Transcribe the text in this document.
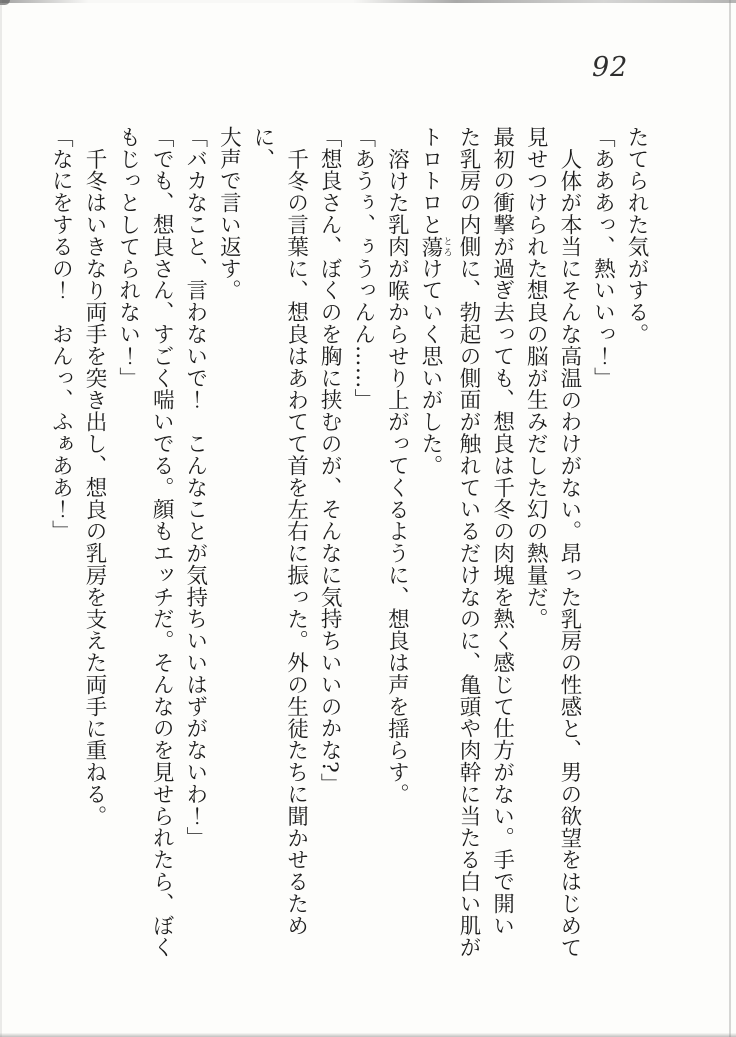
92
たてられた気がする。
「あああっ、熱いいっ！」
人体が本当にそんな高温のわけがない。昂った乳房の性感と、男の欲望をはじめて
見せつけられた想良の脳が生みだした幻の熱量だ。
最初の衝撃が過ぎ去っても、想良は千冬の肉塊を熱く感じて仕方がない。手で開い
た乳房の内側に、勃起の側面が触れているだけなのに、亀頭や肉幹に当たる白い肌が
トロトロと蕩とろけていく思いがした。
溶けた乳肉が喉からせり上がってくるように、想良は声を揺らす。
「あうぅ、ぅうっんん……」
「想良さん、ぼくのを胸に挟むのが、そんなに気持ちいいのかな?」
千冬の言葉に、想良はあわてて首を左右に振った。外の生徒たちに聞かせるために、
大声で言い返す。
「バカなこと、言わないで！　こんなことが気持ちいいはずがないわ！」
「でも、想良さん、すごく喘いでる。顔もエッチだ。そんなのを見せられたら、ぼく
もじっとしてられない！」
千冬はいきなり両手を突き出し、想良の乳房を支えた両手に重ねる。
「なにをするの！　おんっ、ふぁああ！」
